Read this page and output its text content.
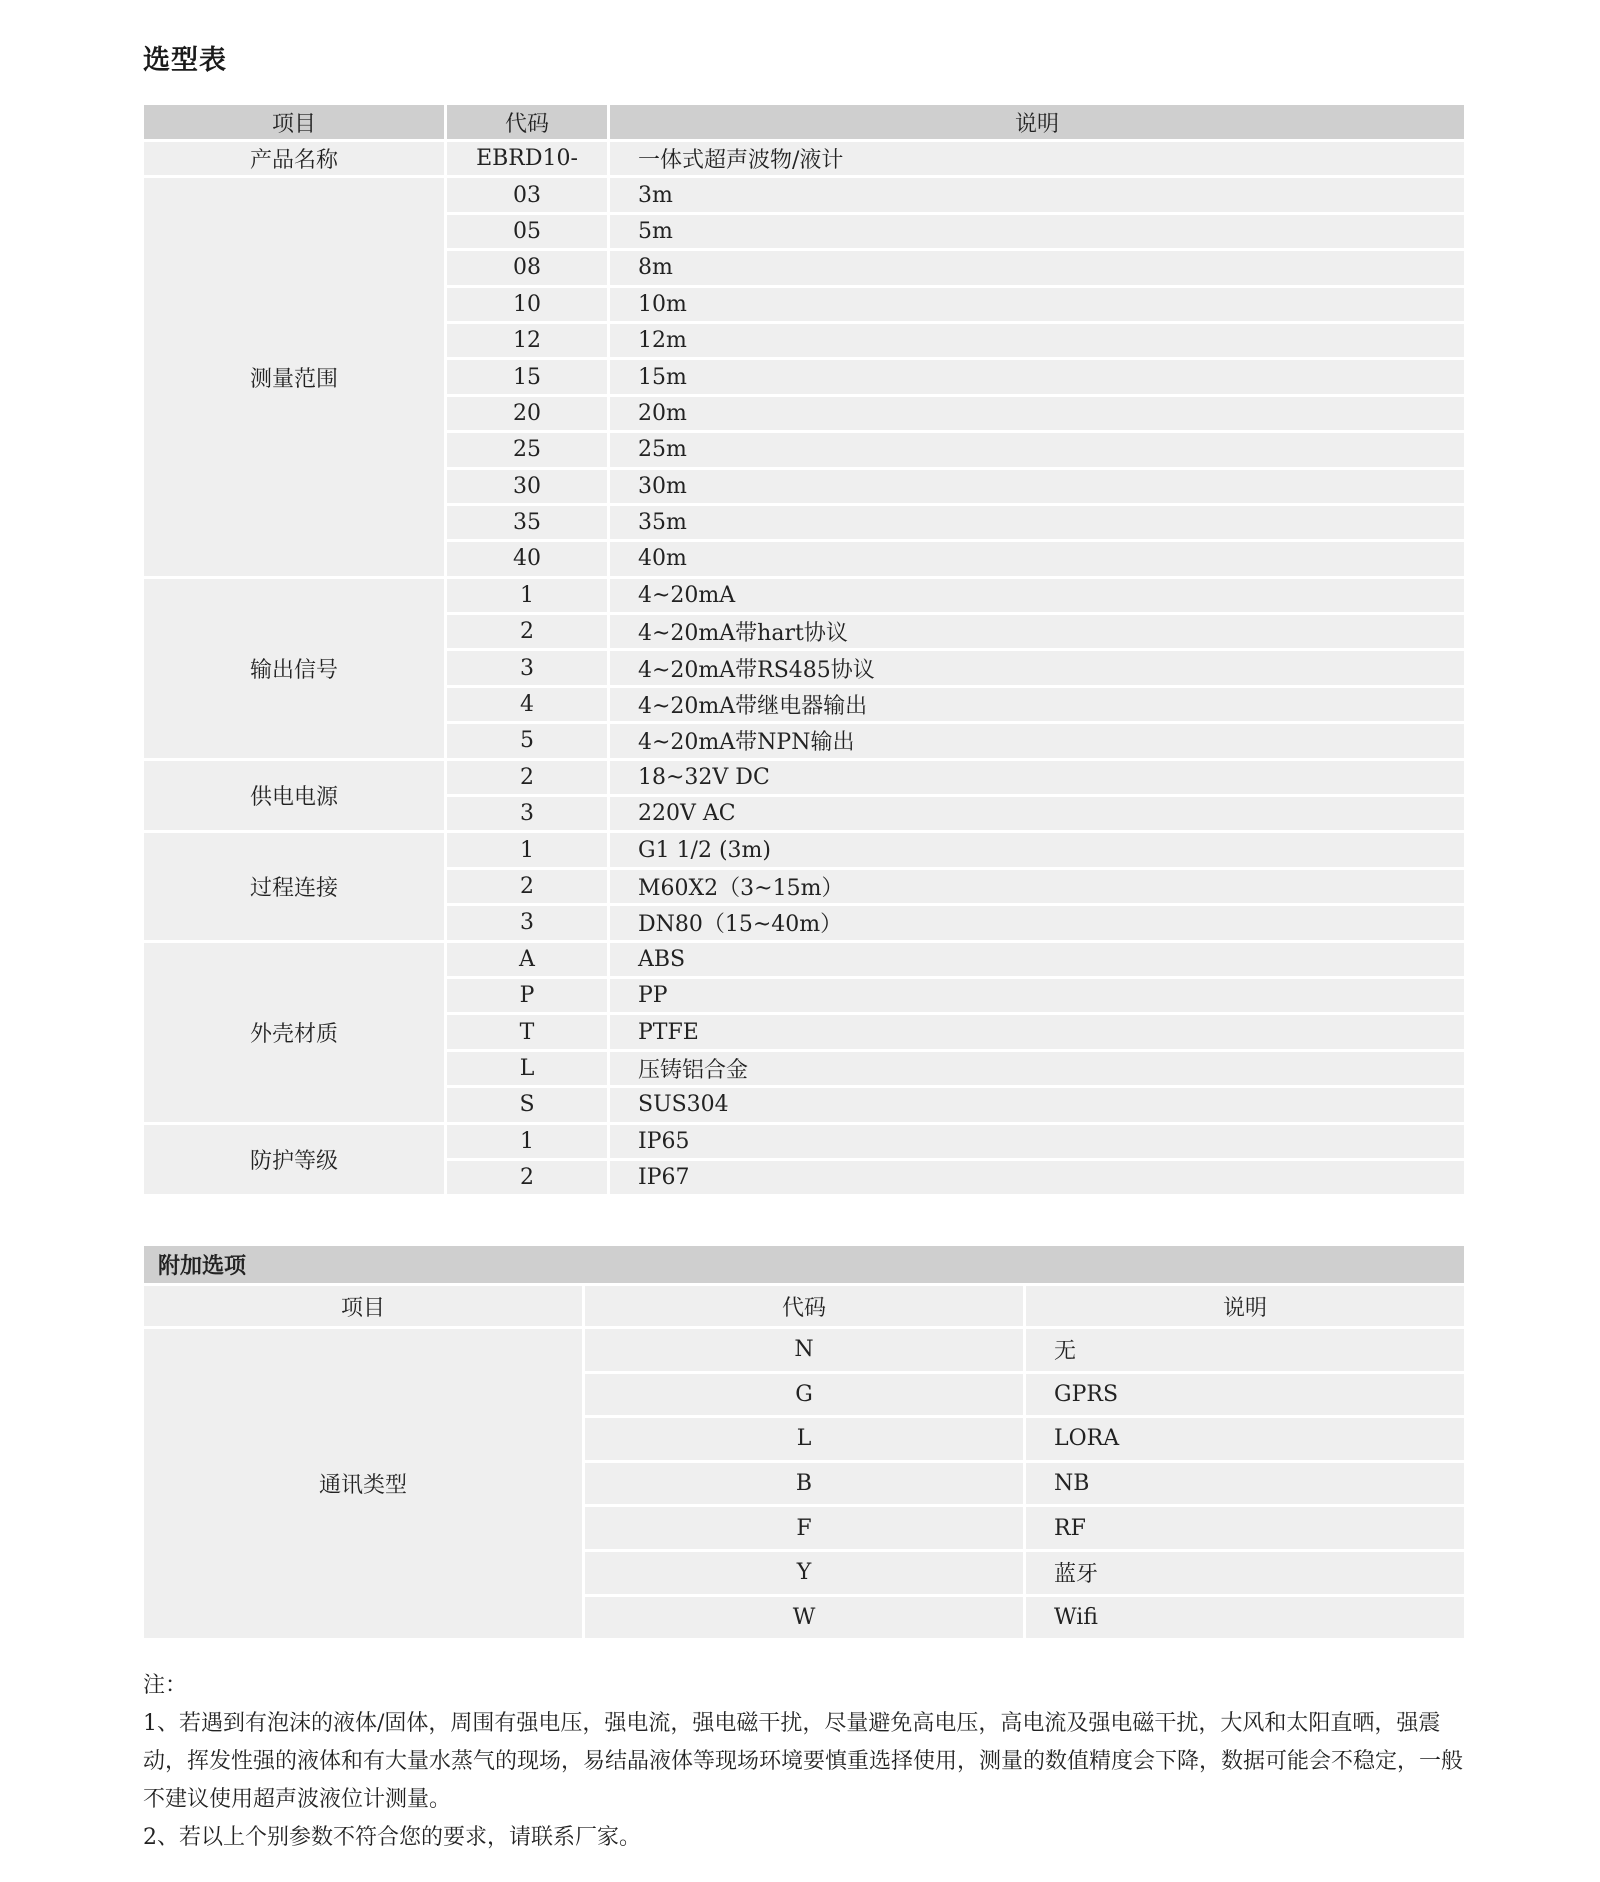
选型表
项目	代码	说明
产品名称	EBRD10-	一体式超声波物/液计
测量范围	03	3m
	05	5m
	08	8m
	10	10m
	12	12m
	15	15m
	20	20m
	25	25m
	30	30m
	35	35m
	40	40m
输出信号	1	4~20mA
	2	4~20mA带hart协议
	3	4~20mA带RS485协议
	4	4~20mA带继电器输出
	5	4~20mA带NPN输出
供电电源	2	18~32V DC
	3	220V AC
过程连接	1	G1 1/2 (3m)
	2	M60X2（3~15m）
	3	DN80（15~40m）
外壳材质	A	ABS
	P	PP
	T	PTFE
	L	压铸铝合金
	S	SUS304
防护等级	1	IP65
	2	IP67
附加选项		
项目	代码	说明
通讯类型	N	无
	G	GPRS
	L	LORA
	B	NB
	F	RF
	Y	蓝牙
	W	Wifi

注：

1、若遇到有泡沫的液体/固体，周围有强电压，强电流，强电磁干扰，尽量避免高电压，高电流及强电磁干扰，大风和太阳直晒，强震动，挥发性强的液体和有大量水蒸气的现场，易结晶液体等现场环境要慎重选择使用，测量的数值精度会下降，数据可能会不稳定，一般不建议使用超声波液位计测量。

2、若以上个别参数不符合您的要求，请联系厂家。
